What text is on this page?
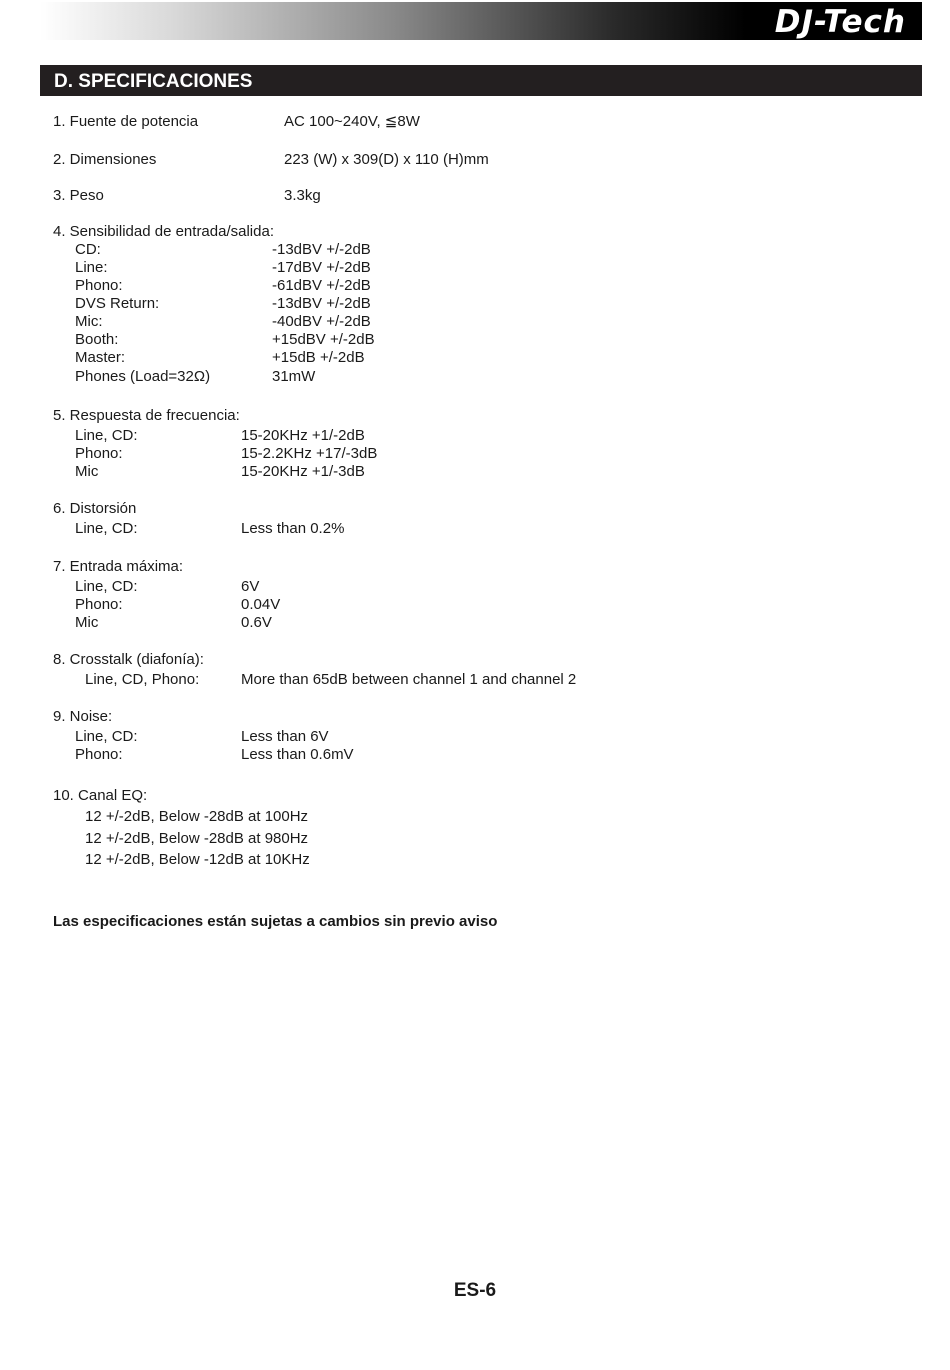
DJ-Tech
D. SPECIFICACIONES
1. Fuente de potencia	AC 100~240V, ≦8W
2. Dimensiones	223 (W) x 309(D) x 110 (H)mm
3. Peso	3.3kg
4. Sensibilidad de entrada/salida:
CD:	-13dBV +/-2dB
Line:	-17dBV +/-2dB
Phono:	-61dBV +/-2dB
DVS Return:	-13dBV +/-2dB
Mic:	-40dBV +/-2dB
Booth:	+15dBV +/-2dB
Master:	+15dB +/-2dB
Phones (Load=32Ω)	31mW
5. Respuesta de frecuencia:
Line, CD:	15-20KHz +1/-2dB
Phono:	15-2.2KHz +17/-3dB
Mic	15-20KHz +1/-3dB
6. Distorsión
Line, CD:	Less than 0.2%
7. Entrada máxima:
Line, CD:	6V
Phono:	0.04V
Mic	0.6V
8. Crosstalk (diafonía):
Line, CD, Phono:	More than 65dB between channel 1 and channel 2
9. Noise:
Line, CD:	Less than 6V
Phono:	Less than 0.6mV
10. Canal EQ:
12 +/-2dB, Below -28dB at 100Hz
12 +/-2dB, Below -28dB at 980Hz
12 +/-2dB, Below -12dB at 10KHz
Las especificaciones están sujetas a cambios sin previo aviso
ES-6
